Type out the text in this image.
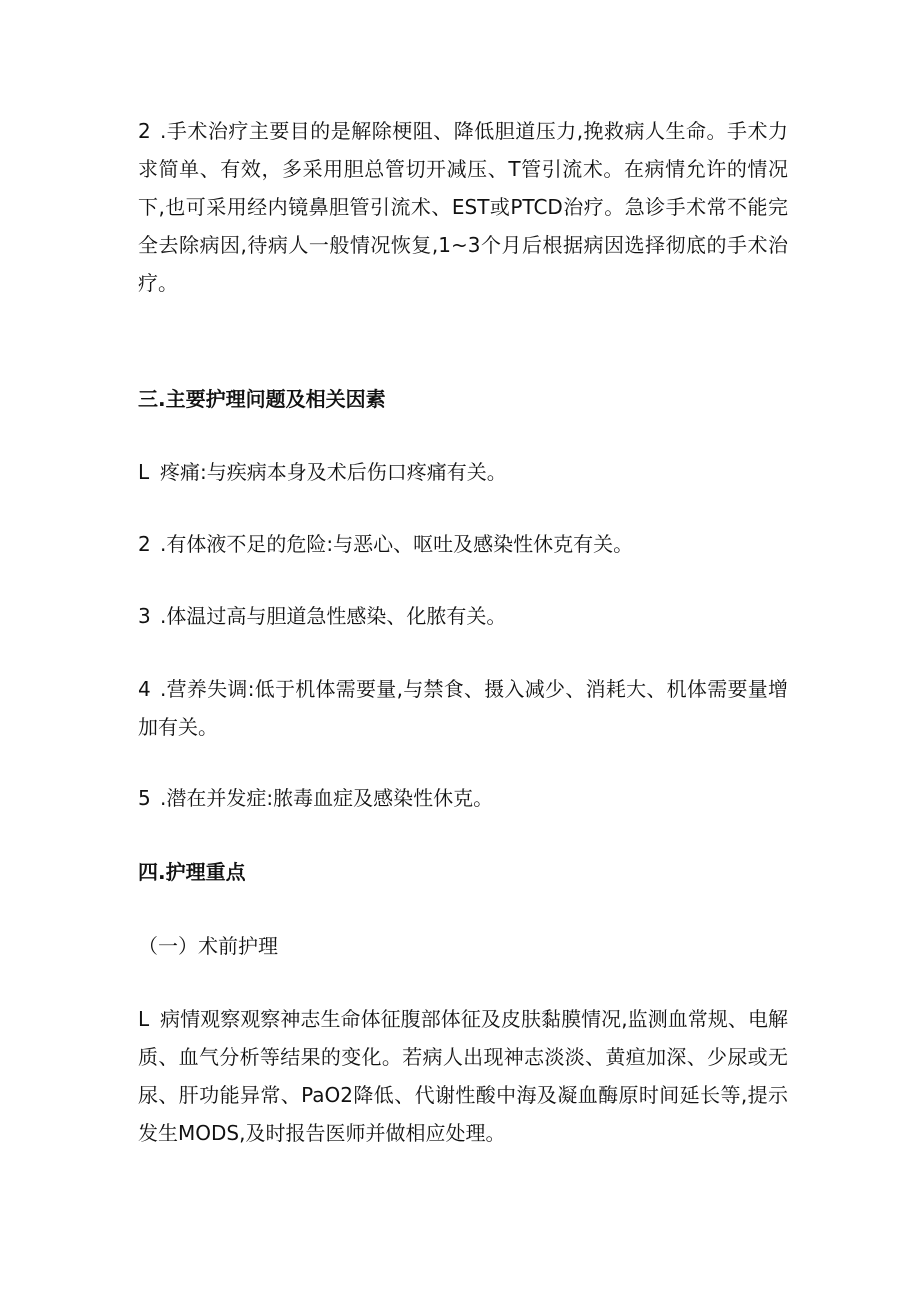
2 .手术治疗主要目的是解除梗阻、降低胆道压力,挽救病人生命。手术力求简单、有效，多采用胆总管切开减压、T管引流术。在病情允许的情况下,也可采用经内镜鼻胆管引流术、EST或PTCD治疗。急诊手术常不能完全去除病因,待病人一般情况恢复,1~3个月后根据病因选择彻底的手术治疗。

三.主要护理问题及相关因素

L 疼痛:与疾病本身及术后伤口疼痛有关。

2 .有体液不足的危险:与恶心、呕吐及感染性休克有关。

3 .体温过高与胆道急性感染、化脓有关。

4 .营养失调:低于机体需要量,与禁食、摄入减少、消耗大、机体需要量增加有关。

5 .潜在并发症:脓毒血症及感染性休克。

四.护理重点

（一）术前护理

L 病情观察观察神志生命体征腹部体征及皮肤黏膜情况,监测血常规、电解质、血气分析等结果的变化。若病人出现神志淡淡、黄疸加深、少尿或无尿、肝功能异常、PaO2降低、代谢性酸中海及凝血酶原时间延长等,提示发生MODS,及时报告医师并做相应处理。
